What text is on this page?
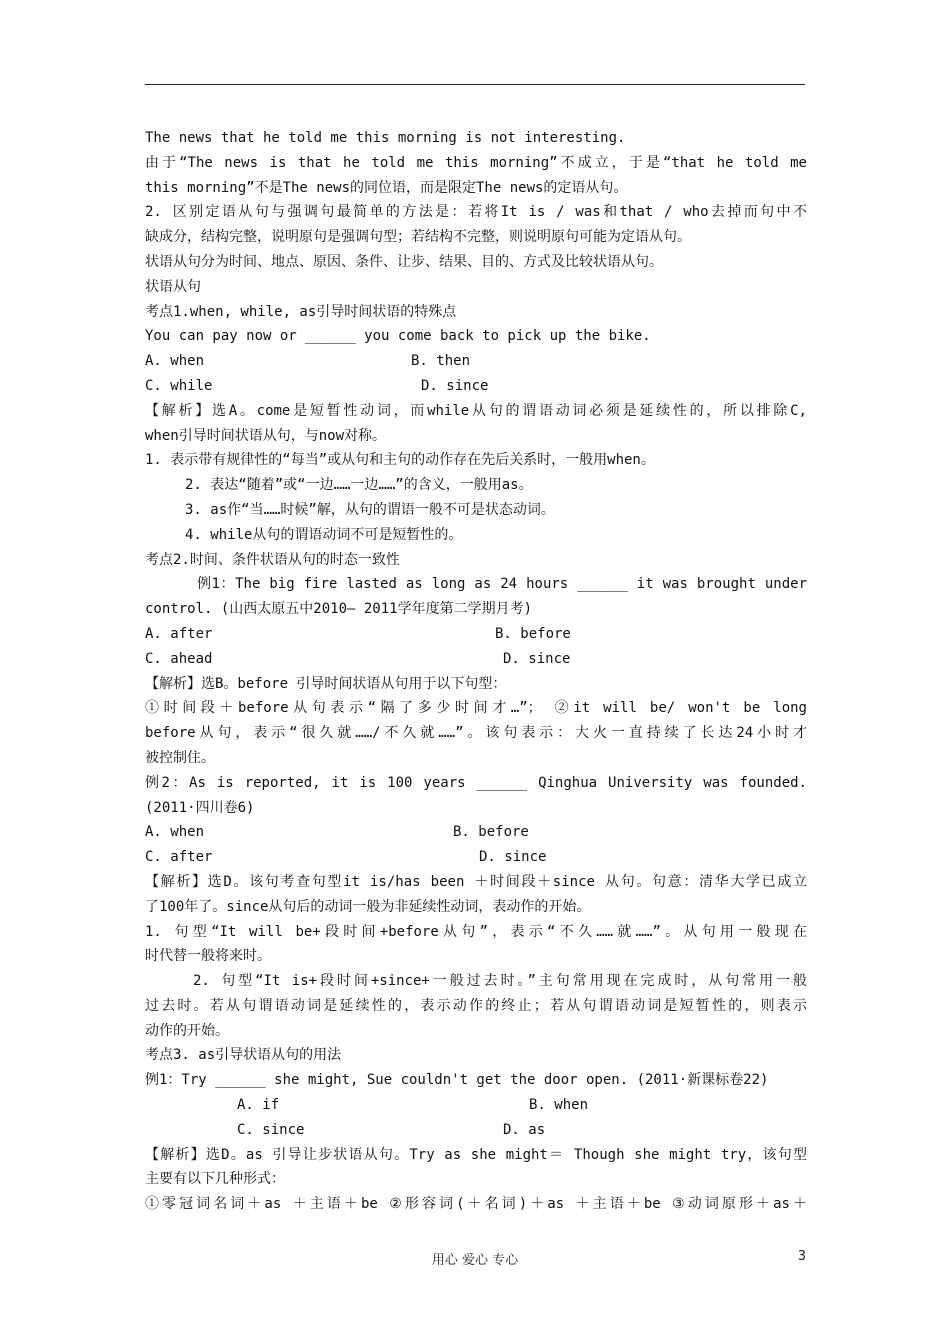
The news that he told me this morning is not interesting.
由于“The news is that he told me this morning”不成立，于是“that he told me
this morning”不是The news的同位语，而是限定The news的定语从句。
2. 区别定语从句与强调句最简单的方法是：若将It is / was和that / who去掉而句中不
缺成分，结构完整，说明原句是强调句型；若结构不完整，则说明原句可能为定语从句。
状语从句分为时间、地点、原因、条件、让步、结果、目的、方式及比较状语从句。
状语从句
考点1.when, while, as引导时间状语的特殊点
You can pay now or ______ you come back to pick up the bike.
A. when	B. then
C. while	D. since
【解析】选A。come是短暂性动词，而while从句的谓语动词必须是延续性的，所以排除C,
when引导时间状语从句，与now对称。
1. 表示带有规律性的“每当”或从句和主句的动作存在先后关系时，一般用when。
2. 表达“随着”或“一边……一边……”的含义，一般用as。
3. as作“当……时候”解，从句的谓语一般不可是状态动词。
4. while从句的谓语动词不可是短暂性的。
考点2.时间、条件状语从句的时态一致性
例1：The big fire lasted as long as 24 hours ______ it was brought under
control. (山西太原五中2010— 2011学年度第二学期月考)
A. after	B. before
C. ahead	D. since
【解析】选B。before 引导时间状语从句用于以下句型：
①时间段＋before从句表示“隔了多少时间才…”； ②it will be/ won't be long
before从句，表示“很久就……/不久就……”。该句表示：大火一直持续了长达24小时才
被控制住。
例2：As is reported, it is 100 years ______ Qinghua University was founded.
(2011·四川卷6)
A. when	B. before
C. after	D. since
【解析】选D。该句考查句型it is/has been ＋时间段＋since 从句。句意：清华大学已成立
了100年了。since从句后的动词一般为非延续性动词，表动作的开始。
1. 句型“It will be+段时间+before从句”，表示“不久……就……”。从句用一般现在
时代替一般将来时。
2. 句型“It is+段时间+since+一般过去时。”主句常用现在完成时，从句常用一般
过去时。若从句谓语动词是延续性的，表示动作的终止；若从句谓语动词是短暂性的，则表示
动作的开始。
考点3. as引导状语从句的用法
例1：Try ______ she might, Sue couldn't get the door open. (2011·新课标卷22)
A. if	B. when
C. since	D. as
【解析】选D。as 引导让步状语从句。Try as she might＝ Though she might try，该句型
主要有以下几种形式：
①零冠词名词＋as ＋主语＋be ②形容词(＋名词)＋as ＋主语＋be ③动词原形＋as＋
用心 爱心 专心	3
